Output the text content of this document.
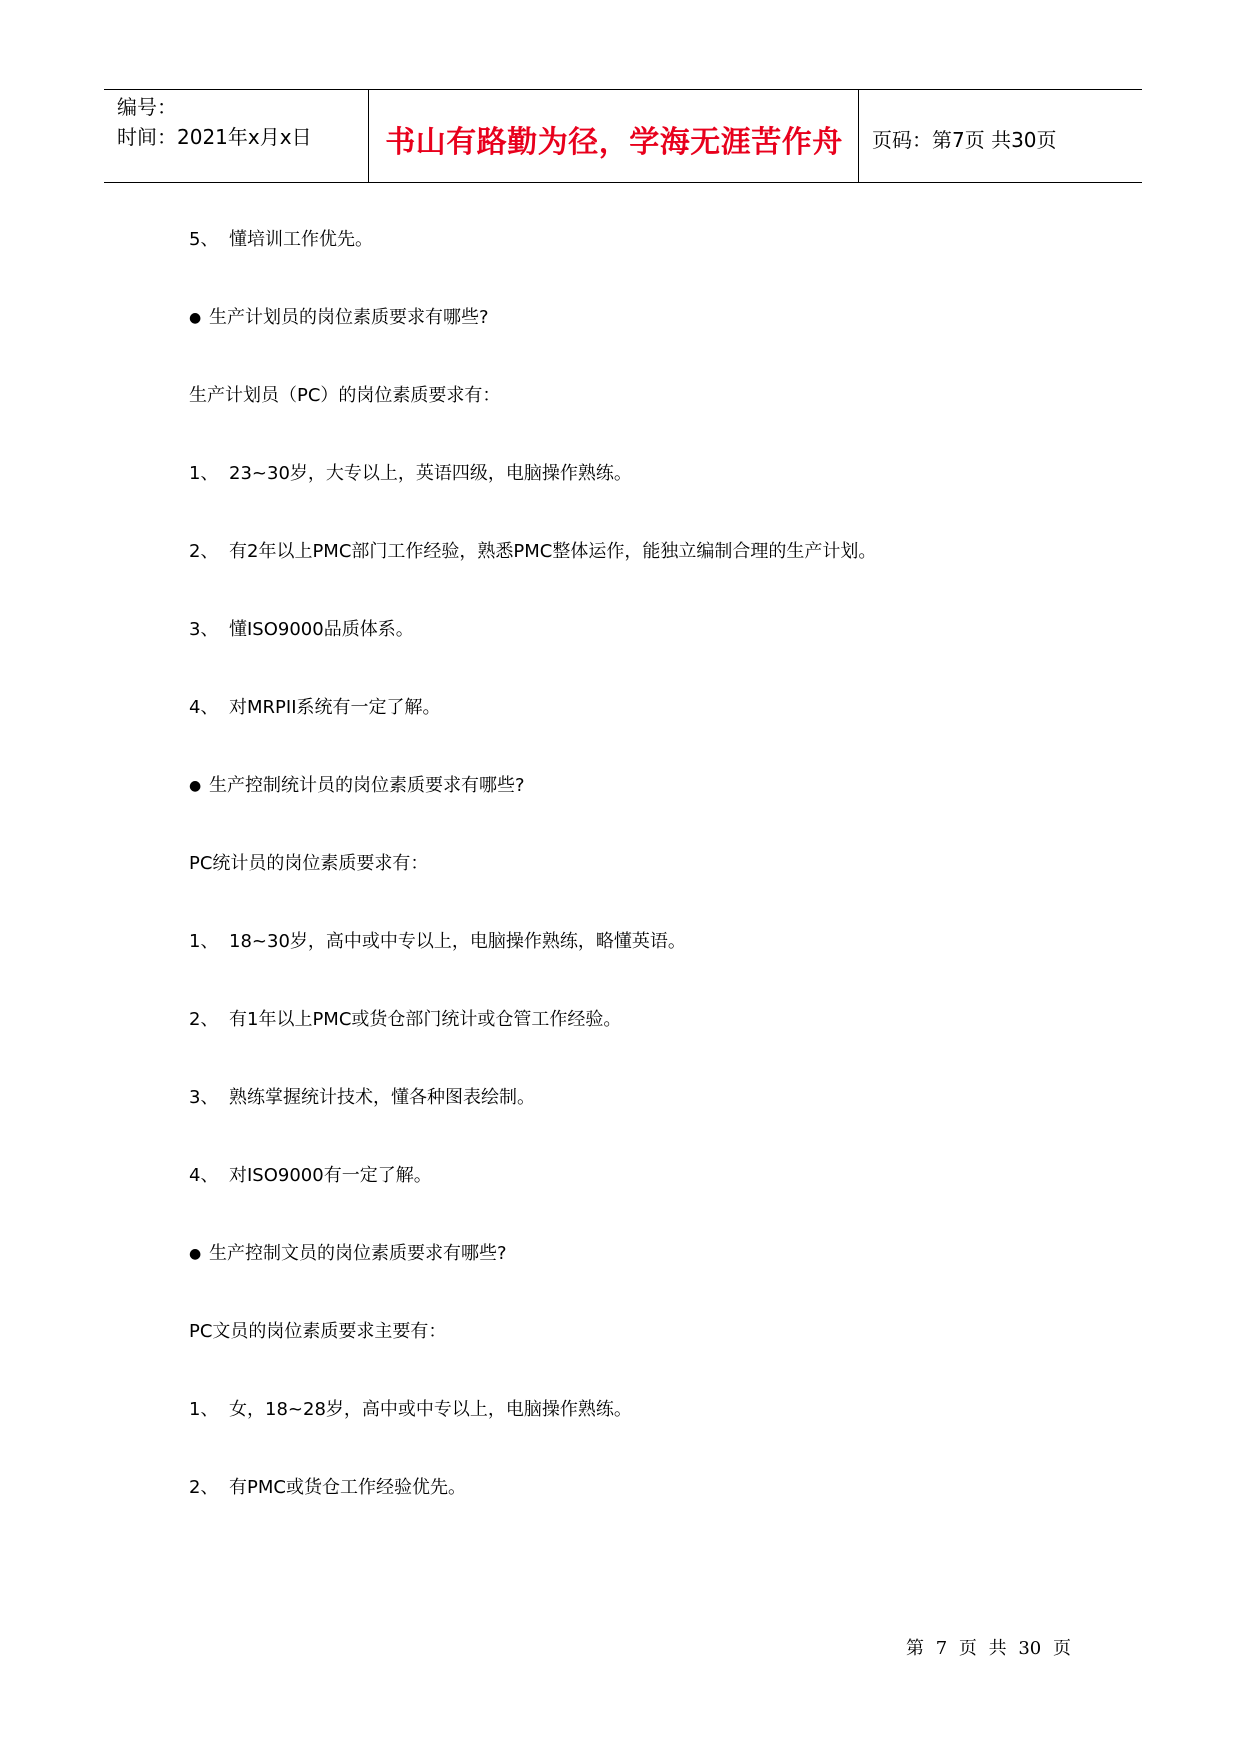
编号：
时间：2021年x月x日	书山有路勤为径，学海无涯苦作舟	页码：第7页 共30页
5、 懂培训工作优先。
● 生产计划员的岗位素质要求有哪些?
生产计划员（PC）的岗位素质要求有：
1、 23~30岁，大专以上，英语四级，电脑操作熟练。
2、 有2年以上PMC部门工作经验，熟悉PMC整体运作，能独立编制合理的生产计划。
3、 懂ISO9000品质体系。
4、 对MRPII系统有一定了解。
● 生产控制统计员的岗位素质要求有哪些?
PC统计员的岗位素质要求有：
1、 18~30岁，高中或中专以上，电脑操作熟练，略懂英语。
2、 有1年以上PMC或货仓部门统计或仓管工作经验。
3、 熟练掌握统计技术，懂各种图表绘制。
4、 对ISO9000有一定了解。
● 生产控制文员的岗位素质要求有哪些?
PC文员的岗位素质要求主要有：
1、 女，18~28岁，高中或中专以上，电脑操作熟练。
2、 有PMC或货仓工作经验优先。
第 7 页 共 30 页
